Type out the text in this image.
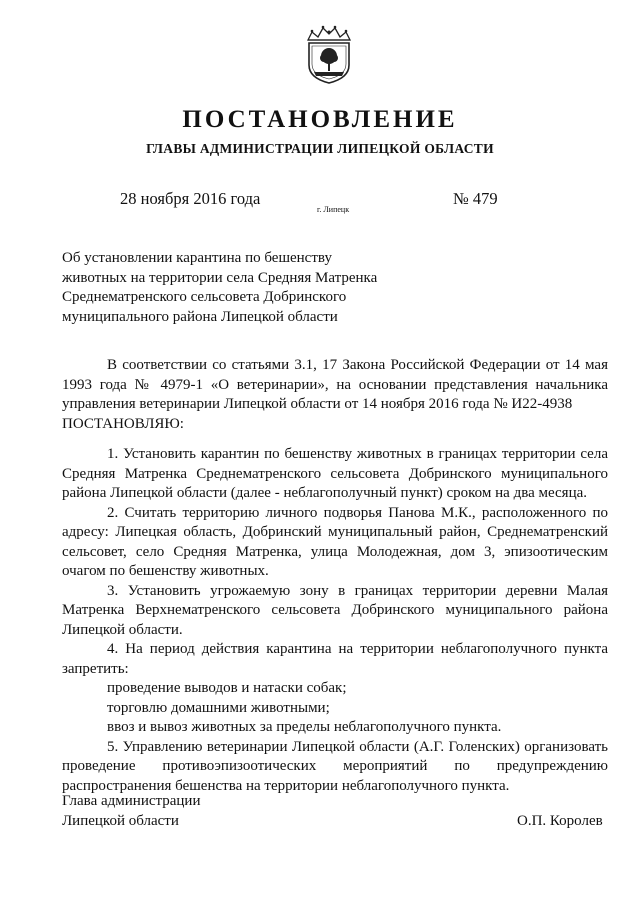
ПОСТАНОВЛЕНИЕ
ГЛАВЫ АДМИНИСТРАЦИИ ЛИПЕЦКОЙ ОБЛАСТИ
28 ноября 2016 года
г. Липецк
№ 479
Об установлении карантина по бешенству
животных на территории села Средняя Матренка
Среднематренского сельсовета Добринского
муниципального района Липецкой области

В соответствии со статьями 3.1, 17 Закона Российской Федерации от 14 мая 1993 года № 4979-1 «О ветеринарии», на основании представления начальника управления ветеринарии Липецкой области от 14 ноября 2016 года № И22-4938

ПОСТАНОВЛЯЮ:

1. Установить карантин по бешенству животных в границах территории села Средняя Матренка Среднематренского сельсовета Добринского муниципального района Липецкой области (далее - неблагополучный пункт) сроком на два месяца.

2. Считать территорию личного подворья Панова М.К., расположенного по адресу: Липецкая область, Добринский муниципальный район, Среднематренский сельсовет, село Средняя Матренка, улица Молодежная, дом 3, эпизоотическим очагом по бешенству животных.

3. Установить угрожаемую зону в границах территории деревни Малая Матренка Верхнематренского сельсовета Добринского муниципального района Липецкой области.

4. На период действия карантина на территории неблагополучного пункта запретить:

проведение выводов и натаски собак;

торговлю домашними животными;

ввоз и вывоз животных за пределы неблагополучного пункта.

5. Управлению ветеринарии Липецкой области (А.Г. Голенских) организовать проведение противоэпизоотических мероприятий по предупреждению распространения бешенства на территории неблагополучного пункта.

Глава администрации
Липецкой области	О.П. Королев
